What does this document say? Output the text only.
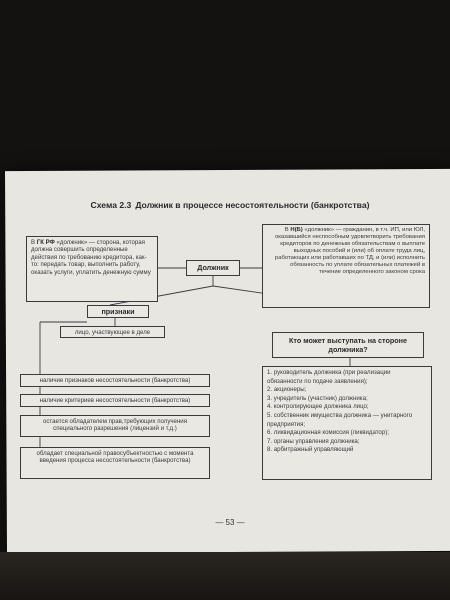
Схема 2.3 Должник в процессе несостоятельности (банкротства)
В ГК РФ «должник» — сторона, которая должна совершить определенные действия по требованию кредитора, как-то: передать товар, выполнить работу, оказать услуги, уплатить денежную сумму
Должник
В Н(Б) «должник» — гражданин, в т.ч. ИП, или ЮЛ, оказавшийся неспособным удовлетворить требования кредиторов по денежным обязательствам о выплате выходных пособий и (или) об оплате труда лиц, работающих или работавших по ТД, и (или) исполнить обязанность по уплате обязательных платежей в течение определенного законом срока
признаки
лицо, участвующее в деле
наличие признаков несостоятельности (банкротства)
наличие критериев несостоятельности (банкротства)
остается обладателем прав,требующих получения специального разрешения (лицензий и т.д.)
обладает специальной правосубъектностью с момента введения процесса несостоятельности (банкротства)
Кто может выступать на стороне должника?
1. руководитель должника (при реализации обязанности по подаче заявления);
2. акционеры;
3. учредитель (участник) должника;
4. контролирующее должника лицо;
5. собственник имущества должника — унитарного предприятия;
6. ликвидационная комиссия (ликвидатор);
7. органы управления должника;
8. арбитражный управляющий
— 53 —
